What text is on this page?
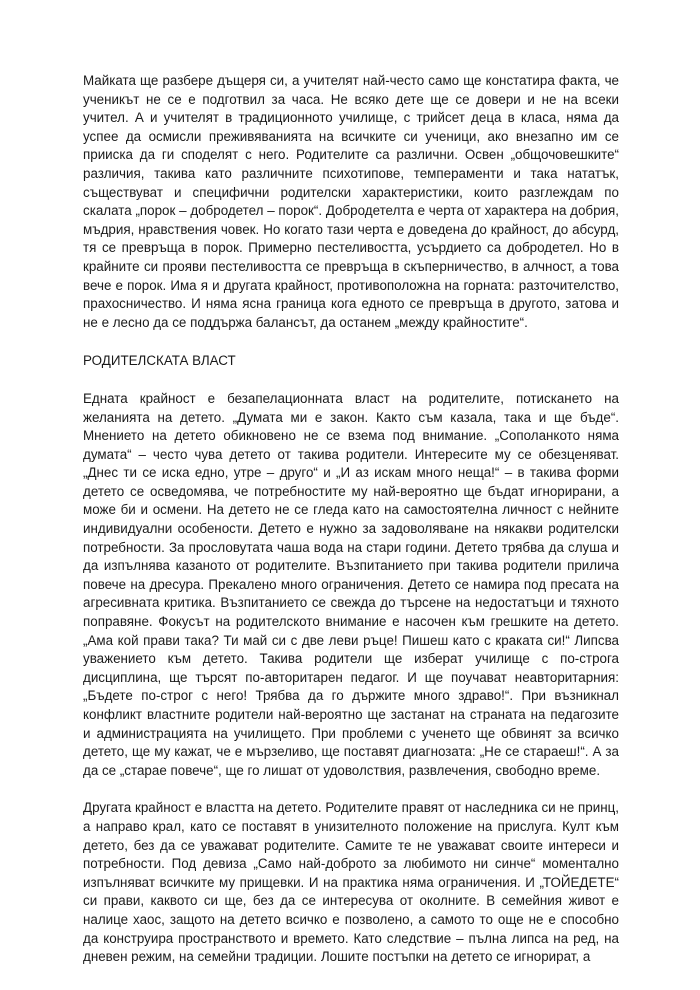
Майката ще разбере дъщеря си, а учителят най-често само ще констатира факта, че ученикът не се е подготвил за часа. Не всяко дете ще се довери и не на всеки учител. А и учителят в традиционното училище, с трийсет деца в класа, няма да успее да осмисли преживяванията на всичките си ученици, ако внезапно им се прииска да ги споделят с него. Родителите са различни. Освен „общочовешките“ различия, такива като различните психотипове, темпераменти и така нататък, съществуват и специфични родителски характеристики, които разглеждам по скалата „порок – добродетел – порок“. Добродетелта е черта от характера на добрия, мъдрия, нравствения човек. Но когато тази черта е доведена до крайност, до абсурд, тя се превръща в порок. Примерно пестеливостта, усърдието са добродетел. Но в крайните си прояви пестеливостта се превръща в скъперничество, в алчност, а това вече е порок. Има я и другата крайност, противоположна на горната: разточителство, прахосничество. И няма ясна граница кога едното се превръща в другото, затова и не е лесно да се поддържа балансът, да останем „между крайностите“.

РОДИТЕЛСКАТА ВЛАСТ

Едната крайност е безапелационната власт на родителите, потискането на желанията на детето. „Думата ми е закон. Както съм казала, така и ще бъде“. Мнението на детето обикновено не се взема под внимание. „Сополанкото няма думата“ – често чува детето от такива родители. Интересите му се обезценяват. „Днес ти се иска едно, утре – друго“ и „И аз искам много неща!“ – в такива форми детето се осведомява, че потребностите му най-вероятно ще бъдат игнорирани, а може би и осмени. На детето не се гледа като на самостоятелна личност с нейните индивидуални особености. Детето е нужно за задоволяване на някакви родителски потребности. За прословутата чаша вода на стари години. Детето трябва да слуша и да изпълнява казаното от родителите. Възпитанието при такива родители прилича повече на дресура. Прекалено много ограничения. Детето се намира под пресата на агресивната критика. Възпитанието се свежда до търсене на недостатъци и тяхното поправяне. Фокусът на родителското внимание е насочен към грешките на детето. „Ама кой прави така? Ти май си с две леви ръце! Пишеш като с краката си!“ Липсва уважението към детето. Такива родители ще изберат училище с по-строга дисциплина, ще търсят по-авторитарен педагог. И ще поучават неавторитарния: „Бъдете по-строг с него! Трябва да го държите много здраво!“. При възникнал конфликт властните родители най-вероятно ще застанат на страната на педагозите и администрацията на училището. При проблеми с ученето ще обвинят за всичко детето, ще му кажат, че е мързеливо, ще поставят диагнозата: „Не се стараеш!“. А за да се „старае повече“, ще го лишат от удоволствия, развлечения, свободно време.

Другата крайност е властта на детето. Родителите правят от наследника си не принц, а направо крал, като се поставят в унизителното положение на прислуга. Култ към детето, без да се уважават родителите. Самите те не уважават своите интереси и потребности. Под девиза „Само най-доброто за любимото ни синче“ моментално изпълняват всичките му прищевки. И на практика няма ограничения. И „ТОЙЕДЕТЕ“ си прави, каквото си ще, без да се интересува от околните. В семейния живот е налице хаос, защото на детето всичко е позволено, а самото то още не е способно да конструира пространството и времето. Като следствие – пълна липса на ред, на дневен режим, на семейни традиции. Лошите постъпки на детето се игнорират, а
